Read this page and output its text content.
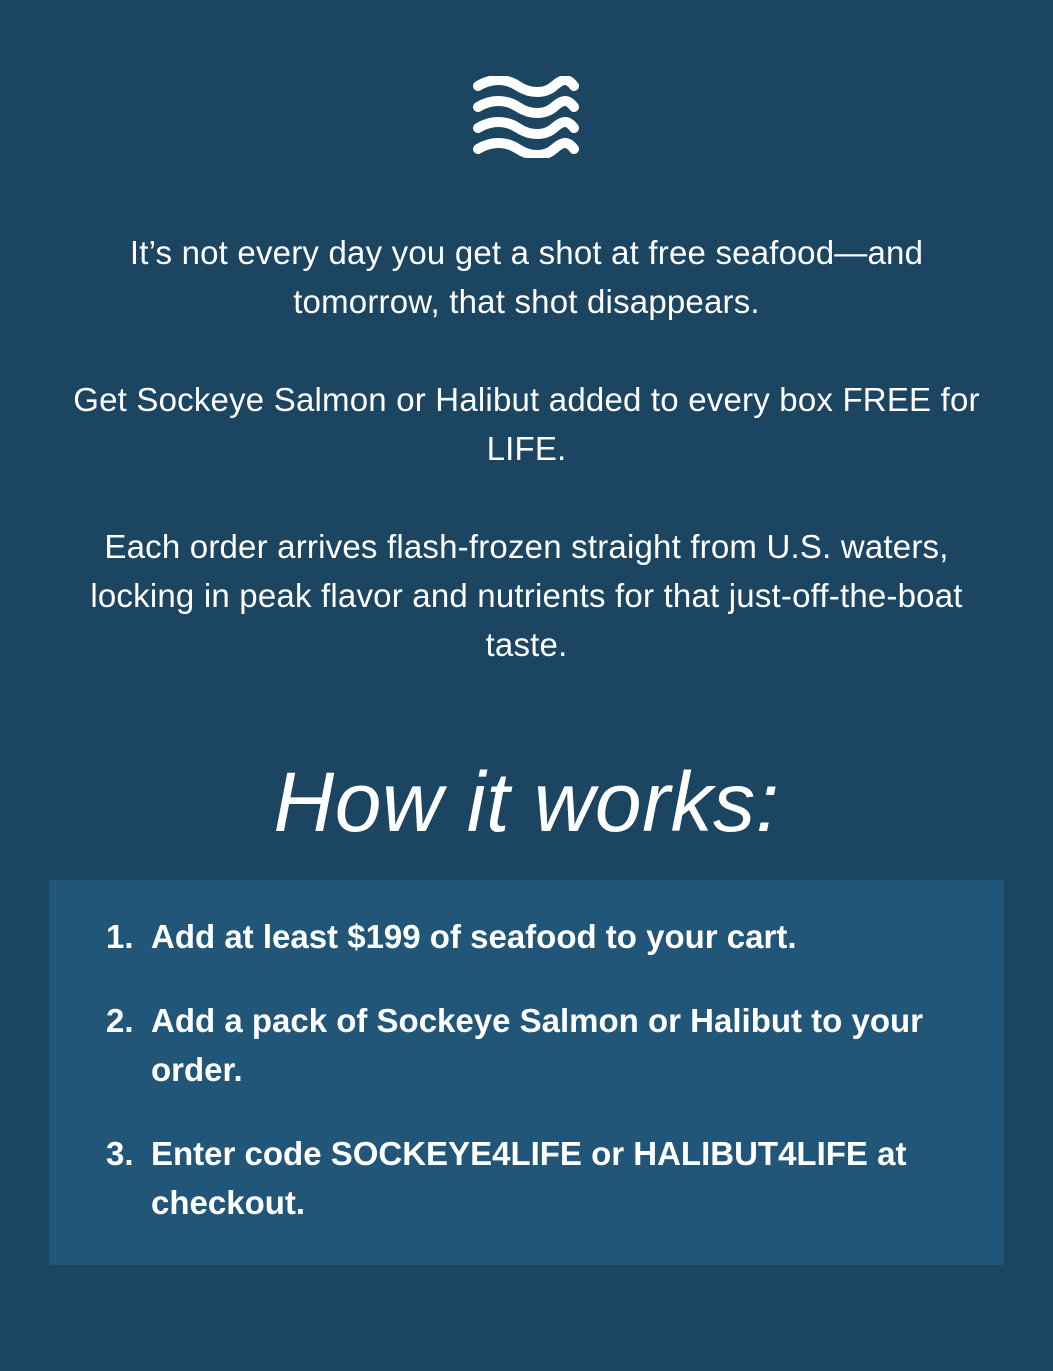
It’s not every day you get a shot at free seafood—and tomorrow, that shot disappears.

Get Sockeye Salmon or Halibut added to every box FREE for LIFE.

Each order arrives flash-frozen straight from U.S. waters, locking in peak flavor and nutrients for that just-off-the-boat taste.

How it works:
1. Add at least $199 of seafood to your cart.
2. Add a pack of Sockeye Salmon or Halibut to your order.
3. Enter code SOCKEYE4LIFE or HALIBUT4LIFE at checkout.
